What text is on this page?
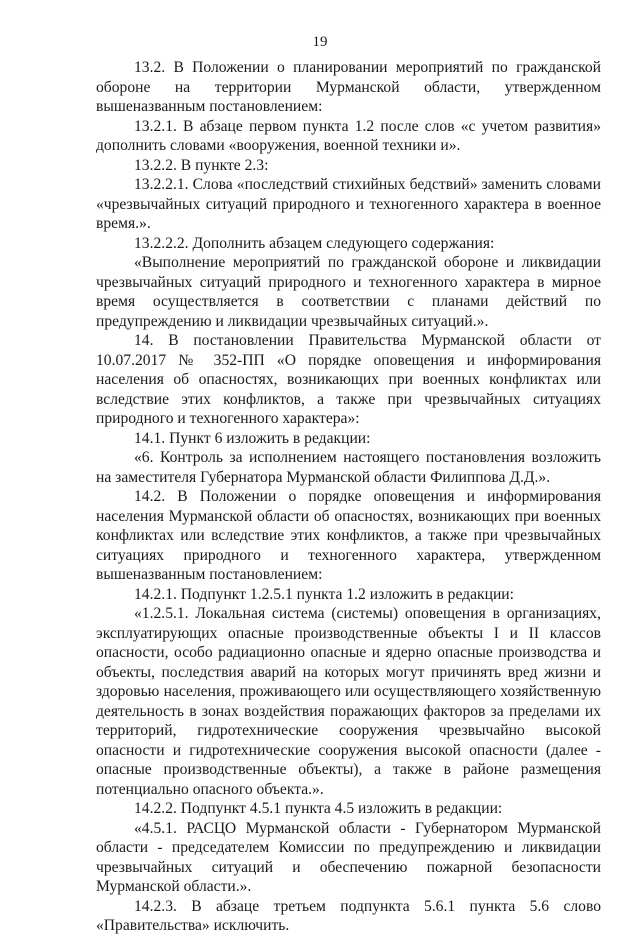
19

13.2. В Положении о планировании мероприятий по гражданской обороне на территории Мурманской области, утвержденном вышеназванным постановлением:

13.2.1. В абзаце первом пункта 1.2 после слов «с учетом развития» дополнить словами «вооружения, военной техники и».

13.2.2. В пункте 2.3:

13.2.2.1. Слова «последствий стихийных бедствий» заменить словами «чрезвычайных ситуаций природного и техногенного характера в военное время.».

13.2.2.2. Дополнить абзацем следующего содержания:

«Выполнение мероприятий по гражданской обороне и ликвидации чрезвычайных ситуаций природного и техногенного характера в мирное время осуществляется в соответствии с планами действий по предупреждению и ликвидации чрезвычайных ситуаций.».

14. В постановлении Правительства Мурманской области от 10.07.2017 № 352-ПП «О порядке оповещения и информирования населения об опасностях, возникающих при военных конфликтах или вследствие этих конфликтов, а также при чрезвычайных ситуациях природного и техногенного характера»:

14.1. Пункт 6 изложить в редакции:

«6. Контроль за исполнением настоящего постановления возложить на заместителя Губернатора Мурманской области Филиппова Д.Д.».

14.2. В Положении о порядке оповещения и информирования населения Мурманской области об опасностях, возникающих при военных конфликтах или вследствие этих конфликтов, а также при чрезвычайных ситуациях природного и техногенного характера, утвержденном вышеназванным постановлением:

14.2.1. Подпункт 1.2.5.1 пункта 1.2 изложить в редакции:

«1.2.5.1. Локальная система (системы) оповещения в организациях, эксплуатирующих опасные производственные объекты I и II классов опасности, особо радиационно опасные и ядерно опасные производства и объекты, последствия аварий на которых могут причинять вред жизни и здоровью населения, проживающего или осуществляющего хозяйственную деятельность в зонах воздействия поражающих факторов за пределами их территорий, гидротехнические сооружения чрезвычайно высокой опасности и гидротехнические сооружения высокой опасности (далее - опасные производственные объекты), а также в районе размещения потенциально опасного объекта.».

14.2.2. Подпункт 4.5.1 пункта 4.5 изложить в редакции:

«4.5.1. РАСЦО Мурманской области - Губернатором Мурманской области - председателем Комиссии по предупреждению и ликвидации чрезвычайных ситуаций и обеспечению пожарной безопасности Мурманской области.».

14.2.3. В абзаце третьем подпункта 5.6.1 пункта 5.6 слово «Правительства» исключить.
